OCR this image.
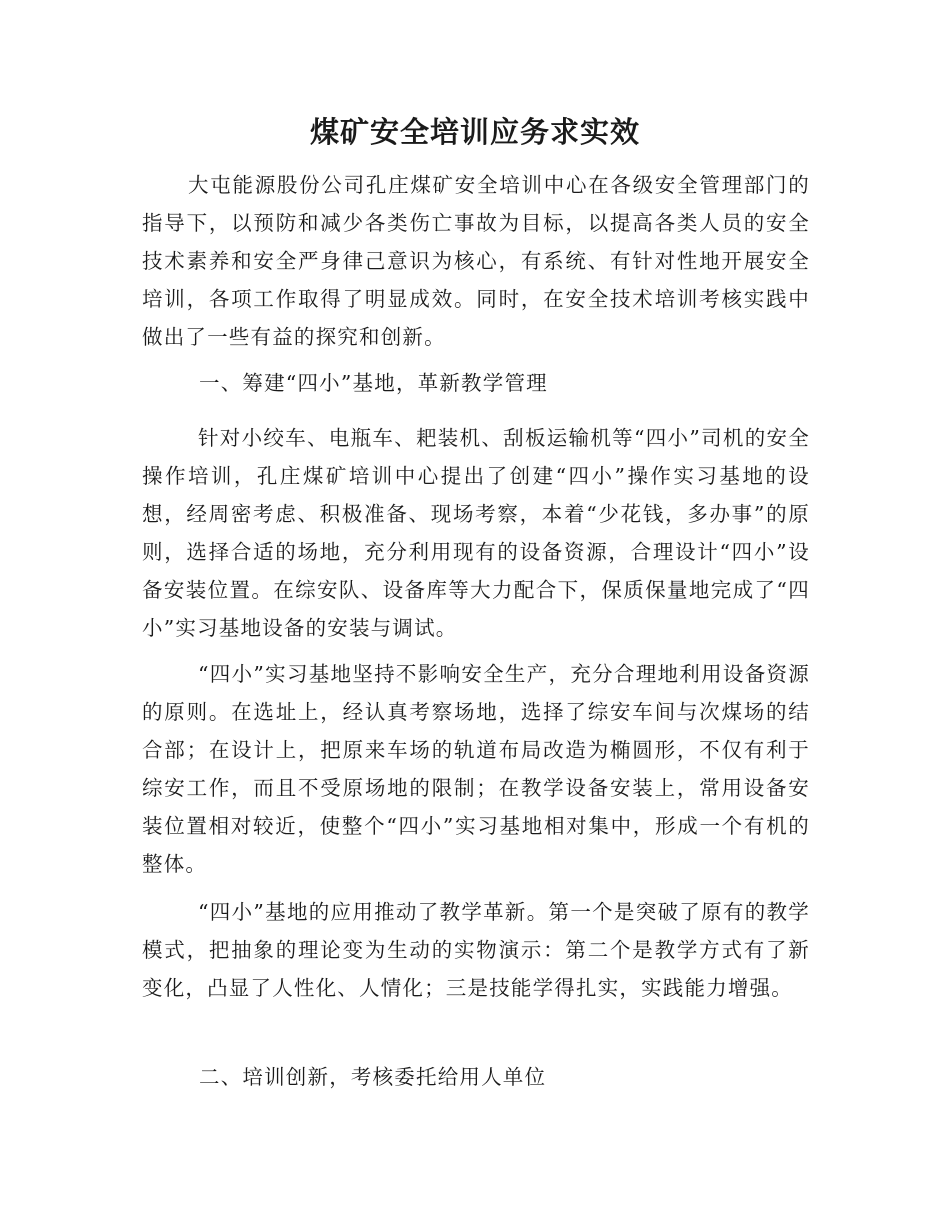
煤矿安全培训应务求实效

大屯能源股份公司孔庄煤矿安全培训中心在各级安全管理部门的指导下，以预防和减少各类伤亡事故为目标，以提高各类人员的安全技术素养和安全严身律己意识为核心，有系统、有针对性地开展安全培训，各项工作取得了明显成效。同时，在安全技术培训考核实践中做出了一些有益的探究和创新。

一、筹建“四小”基地，革新教学管理

针对小绞车、电瓶车、耙装机、刮板运输机等“四小”司机的安全操作培训，孔庄煤矿培训中心提出了创建“四小”操作实习基地的设想，经周密考虑、积极准备、现场考察，本着“少花钱，多办事”的原则，选择合适的场地，充分利用现有的设备资源，合理设计“四小”设备安装位置。在综安队、设备库等大力配合下，保质保量地完成了“四小”实习基地设备的安装与调试。

“四小”实习基地坚持不影响安全生产，充分合理地利用设备资源的原则。在选址上，经认真考察场地，选择了综安车间与次煤场的结合部；在设计上，把原来车场的轨道布局改造为椭圆形，不仅有利于综安工作，而且不受原场地的限制；在教学设备安装上，常用设备安装位置相对较近，使整个“四小”实习基地相对集中，形成一个有机的整体。

“四小”基地的应用推动了教学革新。第一个是突破了原有的教学模式，把抽象的理论变为生动的实物演示：第二个是教学方式有了新变化，凸显了人性化、人情化；三是技能学得扎实，实践能力增强。

二、培训创新，考核委托给用人单位
